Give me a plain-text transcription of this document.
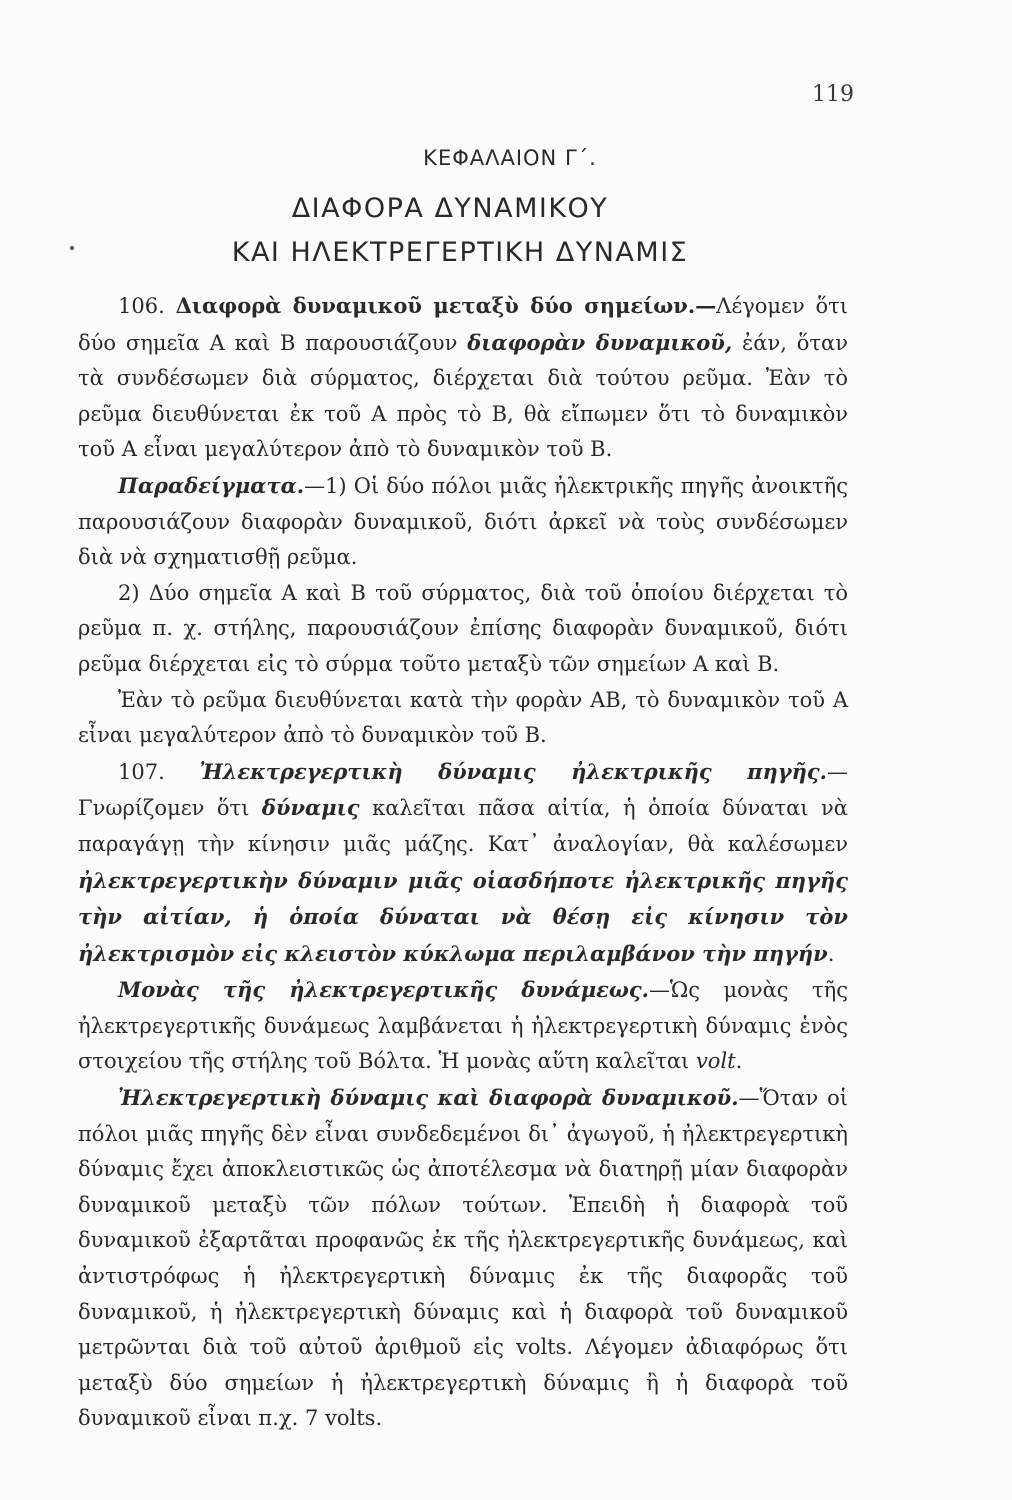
119
ΚΕΦΑΛΑΙΟΝ Γ΄.
ΔΙΑΦΟΡΑ ΔΥΝΑΜΙΚΟΥ
ΚΑΙ ΗΛΕΚΤΡΕΓΕΡΤΙΚΗ ΔΥΝΑΜΙΣ

106. Διαφορὰ δυναμικοῦ μεταξὺ δύο σημείων.—Λέγομεν ὅτι δύο σημεῖα Α καὶ Β παρουσιάζουν διαφορὰν δυναμικοῦ, ἐάν, ὅταν τὰ συνδέσωμεν διὰ σύρματος, διέρχεται διὰ τούτου ρεῦμα. Ἐὰν τὸ ρεῦμα διευθύνεται ἐκ τοῦ Α πρὸς τὸ Β, θὰ εἴπωμεν ὅτι τὸ δυναμικὸν τοῦ Α εἶναι μεγαλύτερον ἀπὸ τὸ δυναμικὸν τοῦ Β.

Παραδείγματα.—1) Οἱ δύο πόλοι μιᾶς ἠλεκτρικῆς πηγῆς ἀνοικτῆς παρουσιάζουν διαφορὰν δυναμικοῦ, διότι ἀρκεῖ νὰ τοὺς συνδέσωμεν διὰ νὰ σχηματισθῇ ρεῦμα.

2) Δύο σημεῖα Α καὶ Β τοῦ σύρματος, διὰ τοῦ ὁποίου διέρχεται τὸ ρεῦμα π. χ. στήλης, παρουσιάζουν ἐπίσης διαφορὰν δυναμικοῦ, διότι ρεῦμα διέρχεται εἰς τὸ σύρμα τοῦτο μεταξὺ τῶν σημείων Α καὶ Β.

Ἐὰν τὸ ρεῦμα διευθύνεται κατὰ τὴν φορὰν ΑΒ, τὸ δυναμικὸν τοῦ Α εἶναι μεγαλύτερον ἀπὸ τὸ δυναμικὸν τοῦ Β.

107. Ἠλεκτρεγερτικὴ δύναμις ἠλεκτρικῆς πηγῆς.—Γνωρίζομεν ὅτι δύναμις καλεῖται πᾶσα αἰτία, ἡ ὁποία δύναται νὰ παραγάγῃ τὴν κίνησιν μιᾶς μάζης. Κατ᾿ ἀναλογίαν, θὰ καλέσωμεν ἠλεκτρεγερτικὴν δύναμιν μιᾶς οἱασδήποτε ἠλεκτρικῆς πηγῆς τὴν αἰτίαν, ἡ ὁποία δύναται νὰ θέσῃ εἰς κίνησιν τὸν ἠλεκτρισμὸν εἰς κλειστὸν κύκλωμα περιλαμβάνον τὴν πηγήν.

Μονὰς τῆς ἠλεκτρεγερτικῆς δυνάμεως.—Ὡς μονὰς τῆς ἠλεκτρεγερτικῆς δυνάμεως λαμβάνεται ἡ ἠλεκτρεγερτικὴ δύναμις ἑνὸς στοιχείου τῆς στήλης τοῦ Βόλτα. Ἡ μονὰς αὕτη καλεῖται volt.

Ἠλεκτρεγερτικὴ δύναμις καὶ διαφορὰ δυναμικοῦ.—Ὅταν οἱ πόλοι μιᾶς πηγῆς δὲν εἶναι συνδεδεμένοι δι᾿ ἀγωγοῦ, ἡ ἠλεκτρεγερτικὴ δύναμις ἔχει ἀποκλειστικῶς ὡς ἀποτέλεσμα νὰ διατηρῇ μίαν διαφορὰν δυναμικοῦ μεταξὺ τῶν πόλων τούτων. Ἐπειδὴ ἡ διαφορὰ τοῦ δυναμικοῦ ἐξαρτᾶται προφανῶς ἐκ τῆς ἠλεκτρεγερτικῆς δυνάμεως, καὶ ἀντιστρόφως ἡ ἠλεκτρεγερτικὴ δύναμις ἐκ τῆς διαφορᾶς τοῦ δυναμικοῦ, ἡ ἠλεκτρεγερτικὴ δύναμις καὶ ἡ διαφορὰ τοῦ δυναμικοῦ μετρῶνται διὰ τοῦ αὐτοῦ ἀριθμοῦ εἰς volts. Λέγομεν ἀδιαφόρως ὅτι μεταξὺ δύο σημείων ἡ ἠλεκτρεγερτικὴ δύναμις ἢ ἡ διαφορὰ τοῦ δυναμικοῦ εἶναι π.χ. 7 volts.
